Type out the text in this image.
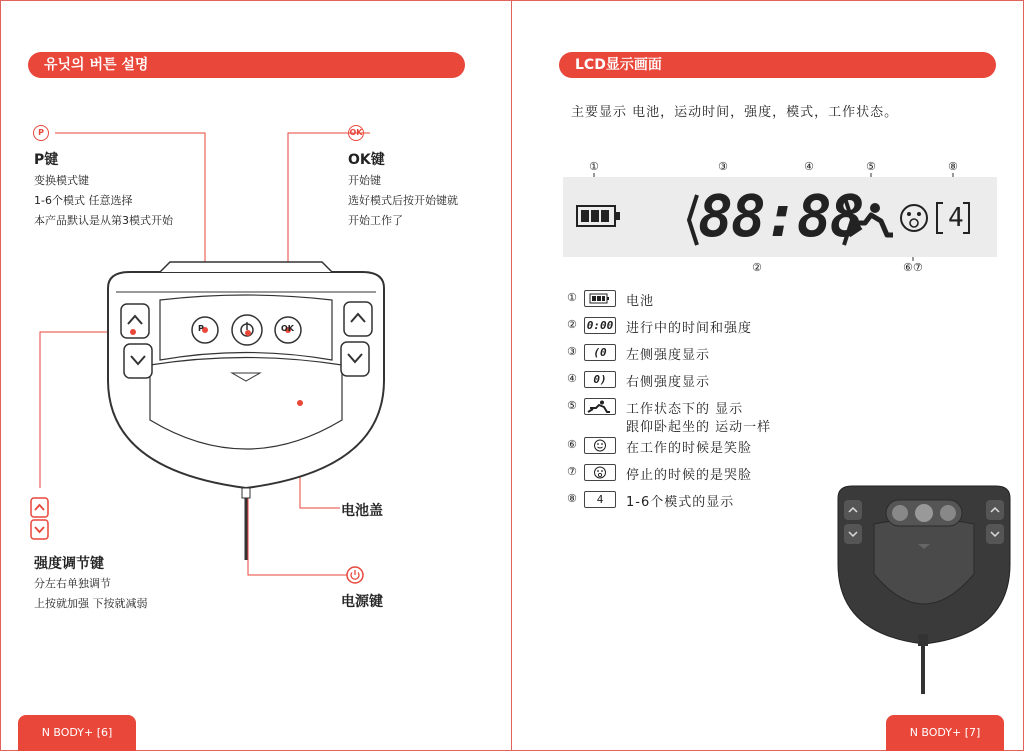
유닛의 버튼 설명
P
P键
变换模式键
1-6个模式 任意选择
本产品默认是从第3模式开始
OK
OK键
开始键
选好模式后按开始键就
开始工作了
P	OK
强度调节键
分左右单独调节
上按就加强 下按就减弱
电池盖
电源键
N BODY+ [6]
LCD显示画面
主要显示 电池，运动时间，强度，模式，工作状态。
①	③	④	⑤	⑧
②	⑥⑦
88:88	4
①	电池
② 0:00 进行中的时间和强度
③	(0	左侧强度显示
④	0)	右侧强度显示
⑤	工作状态下的 显示
跟仰卧起坐的 运动一样
⑥	在工作的时候是笑脸
⑦	停止的时候的是哭脸
⑧	4	1-6个模式的显示
N BODY+ [7]
